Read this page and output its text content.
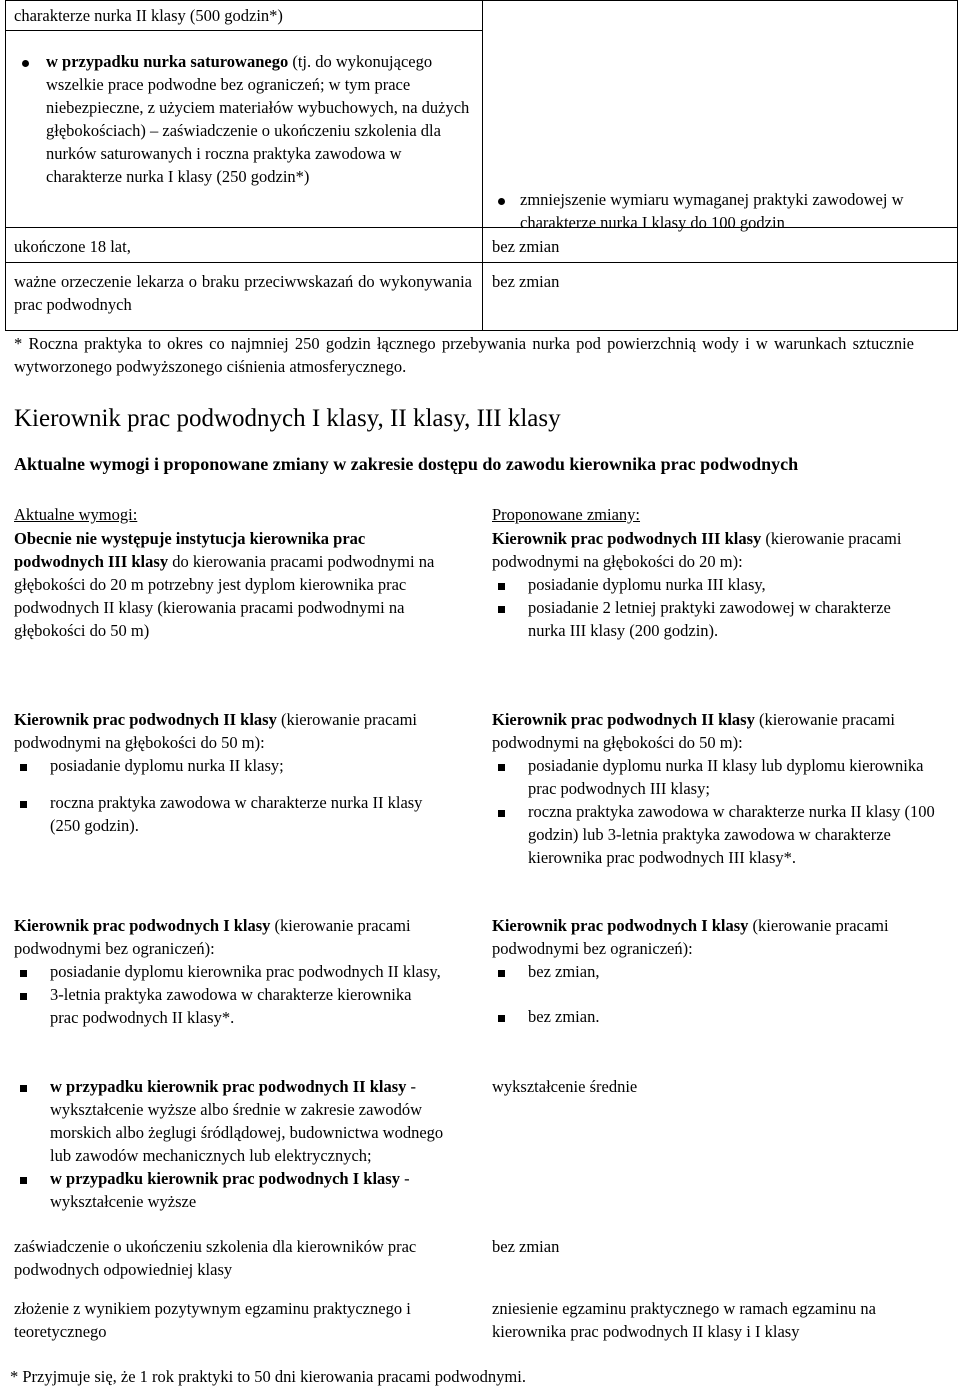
charakterze nurka II klasy (500 godzin*)
w przypadku nurka saturowanego (tj. do wykonującego wszelkie prace podwodne bez ograniczeń; w tym prace niebezpieczne, z użyciem materiałów wybuchowych, na dużych głębokościach) – zaświadczenie o ukończeniu szkolenia dla nurków saturowanych i roczna praktyka zawodowa w charakterze nurka I klasy (250 godzin*)
zmniejszenie wymiaru wymaganej praktyki zawodowej w charakterze nurka I klasy do 100 godzin
ukończone 18 lat,	bez zmian
ważne orzeczenie lekarza o braku przeciwwskazań do wykonywania prac podwodnych
bez zmian
* Roczna praktyka to okres co najmniej 250 godzin łącznego przebywania nurka pod powierzchnią wody i w warunkach sztucznie wytworzonego podwyższonego ciśnienia atmosferycznego.
Kierownik prac podwodnych I klasy, II klasy, III klasy
Aktualne wymogi i proponowane zmiany w zakresie dostępu do zawodu kierownika prac podwodnych
Aktualne wymogi:	Proponowane zmiany:
Obecnie nie występuje instytucja kierownika prac podwodnych III klasy do kierowania pracami podwodnymi na głębokości do 20 m potrzebny jest dyplom kierownika prac podwodnych II klasy (kierowania pracami podwodnymi na głębokości do 50 m)
Kierownik prac podwodnych III klasy (kierowanie pracami podwodnymi na głębokości do 20 m):
posiadanie dyplomu nurka III klasy,
posiadanie 2 letniej praktyki zawodowej w charakterze nurka III klasy (200 godzin).
Kierownik prac podwodnych II klasy (kierowanie pracami podwodnymi na głębokości do 50 m):
posiadanie dyplomu nurka II klasy;
roczna praktyka zawodowa w charakterze nurka II klasy (250 godzin).
Kierownik prac podwodnych II klasy (kierowanie pracami podwodnymi na głębokości do 50 m):
posiadanie dyplomu nurka II klasy lub dyplomu kierownika prac podwodnych III klasy;
roczna praktyka zawodowa w charakterze nurka II klasy (100 godzin) lub 3-letnia praktyka zawodowa w charakterze kierownika prac podwodnych III klasy*.
Kierownik prac podwodnych I klasy (kierowanie pracami podwodnymi bez ograniczeń):
posiadanie dyplomu kierownika prac podwodnych II klasy,
3-letnia praktyka zawodowa w charakterze kierownika prac podwodnych II klasy*.
Kierownik prac podwodnych I klasy (kierowanie pracami podwodnymi bez ograniczeń):
bez zmian,
bez zmian.
w przypadku kierownik prac podwodnych II klasy - wykształcenie wyższe albo średnie w zakresie zawodów morskich albo żeglugi śródlądowej, budownictwa wodnego lub zawodów mechanicznych lub elektrycznych;
w przypadku kierownik prac podwodnych I klasy - wykształcenie wyższe
wykształcenie średnie
zaświadczenie o ukończeniu szkolenia dla kierowników prac podwodnych odpowiedniej klasy
bez zmian
złożenie z wynikiem pozytywnym egzaminu praktycznego i teoretycznego
zniesienie egzaminu praktycznego w ramach egzaminu na kierownika prac podwodnych II klasy i I klasy
* Przyjmuje się, że 1 rok praktyki to 50 dni kierowania pracami podwodnymi.
